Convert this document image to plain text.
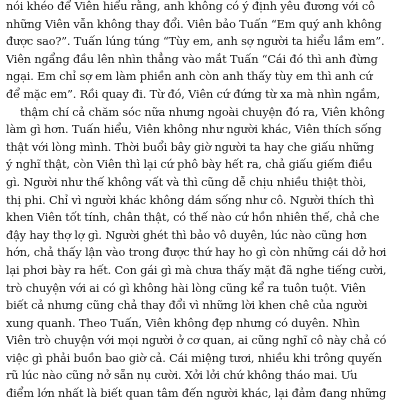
nói khéo để Viên hiểu rằng, anh không có ý định yêu đương với cô
những Viên vẫn không thay đổi. Viên bảo Tuấn “Em quý anh không
được sao?”. Tuấn lúng túng “Tùy em, anh sợ người ta hiểu lầm em”.
Viên ngẩng đầu lên nhìn thẳng vào mắt Tuấn “Cái đó thì anh đừng
ngại. Em chỉ sợ em làm phiền anh còn anh thấy tùy em thì anh cứ
để mặc em”. Rồi quay đi. Từ đó, Viên cứ đứng từ xa mà nhìn ngắm,
thậm chí cả chăm sóc nữa nhưng ngoài chuyện đó ra, Viên không
làm gì hơn. Tuấn hiểu, Viên không như người khác, Viên thích sống
thật với lòng mình. Thời buổi bây giờ người ta hay che giấu những
ý nghĩ thật, còn Viên thì lại cứ phô bày hết ra, chả giấu giếm điều
gì. Người như thế không vất và thì cũng dễ chịu nhiều thiệt thòi,
thị phi. Chỉ vì người khác không dám sống như cô. Người thích thì
khen Viên tốt tính, chân thật, có thế nào cứ hồn nhiên thế, chả che
đậy hay thợ lợ gì. Người ghét thì bảo vô duyên, lúc nào cũng hơn
hớn, chả thấy lận vào trong được thứ hay ho gì còn những cái dở hơi
lại phơi bày ra hết. Con gái gì mà chưa thấy mặt đã nghe tiếng cười,
trò chuyện với ai có gì không hài lòng cũng kể ra tuôn tuột. Viên
biết cả nhưng cũng chả thay đổi vì những lời khen chê của người
xung quanh. Theo Tuấn, Viên không đẹp nhưng có duyên. Nhìn
Viên trò chuyện với mọi người ở cơ quan, ai cũng nghĩ cô này chả có
việc gì phải buồn bao giờ cả. Cái miệng tươi, nhiều khi trông quyến
rũ lúc nào cũng nở sẵn nụ cười. Xởi lởi chứ không tháo mai. Ưu
điểm lớn nhất là biết quan tâm đến người khác, lại đảm đang những
